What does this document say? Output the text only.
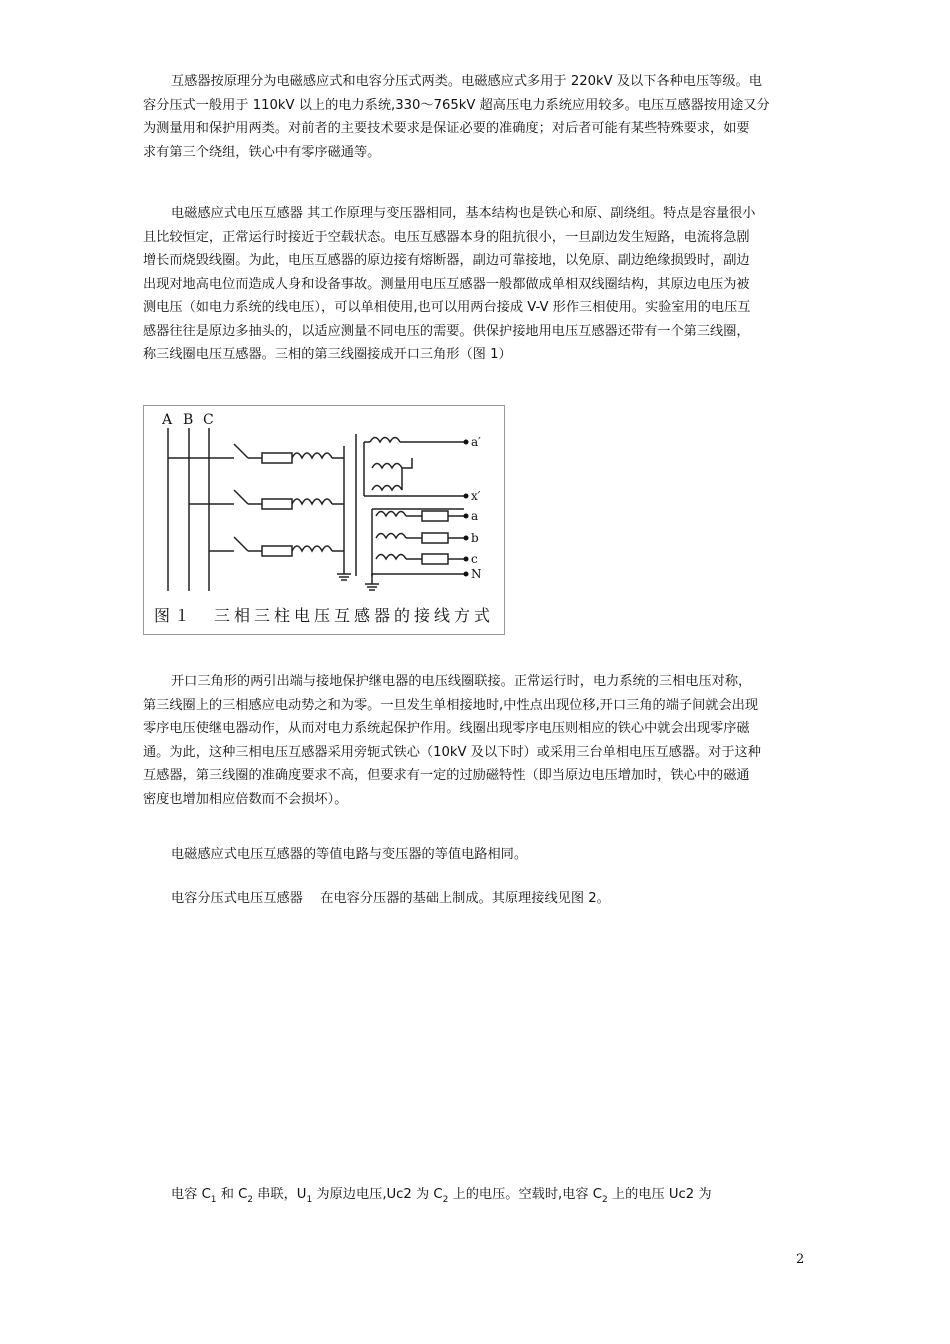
互感器按原理分为电磁感应式和电容分压式两类。电磁感应式多用于 220kV 及以下各种电压等级。电
容分压式一般用于 110kV 以上的电力系统,330～765kV 超高压电力系统应用较多。电压互感器按用途又分
为测量用和保护用两类。对前者的主要技术要求是保证必要的准确度；对后者可能有某些特殊要求，如要
求有第三个绕组，铁心中有零序磁通等。
电磁感应式电压互感器 其工作原理与变压器相同，基本结构也是铁心和原、副绕组。特点是容量很小
且比较恒定，正常运行时接近于空载状态。电压互感器本身的阻抗很小，一旦副边发生短路，电流将急剧
增长而烧毁线圈。为此，电压互感器的原边接有熔断器，副边可靠接地，以免原、副边绝缘损毁时，副边
出现对地高电位而造成人身和设备事故。测量用电压互感器一般都做成单相双线圈结构，其原边电压为被
测电压（如电力系统的线电压），可以单相使用,也可以用两台接成 V-V 形作三相使用。实验室用的电压互
感器往往是原边多抽头的，以适应测量不同电压的需要。供保护接地用电压互感器还带有一个第三线圈，
称三线圈电压互感器。三相的第三线圈接成开口三角形（图 1）
A B C
a′
x′
a
b
c
N
图１　三相三柱电压互感器的接线方式
开口三角形的两引出端与接地保护继电器的电压线圈联接。正常运行时，电力系统的三相电压对称，
第三线圈上的三相感应电动势之和为零。一旦发生单相接地时,中性点出现位移,开口三角的端子间就会出现
零序电压使继电器动作，从而对电力系统起保护作用。线圈出现零序电压则相应的铁心中就会出现零序磁
通。为此，这种三相电压互感器采用旁轭式铁心（10kV 及以下时）或采用三台单相电压互感器。对于这种
互感器，第三线圈的准确度要求不高，但要求有一定的过励磁特性（即当原边电压增加时，铁心中的磁通
密度也增加相应倍数而不会损坏）。
电磁感应式电压互感器的等值电路与变压器的等值电路相同。
电容分压式电压互感器　 在电容分压器的基础上制成。其原理接线见图 2。
电容 $C_1$ 和 $C_2$ 串联，$U_1$ 为原边电压,Uc2 为 $C_2$ 上的电压。空载时,电容 $C_2$ 上的电压 Uc2 为
2
